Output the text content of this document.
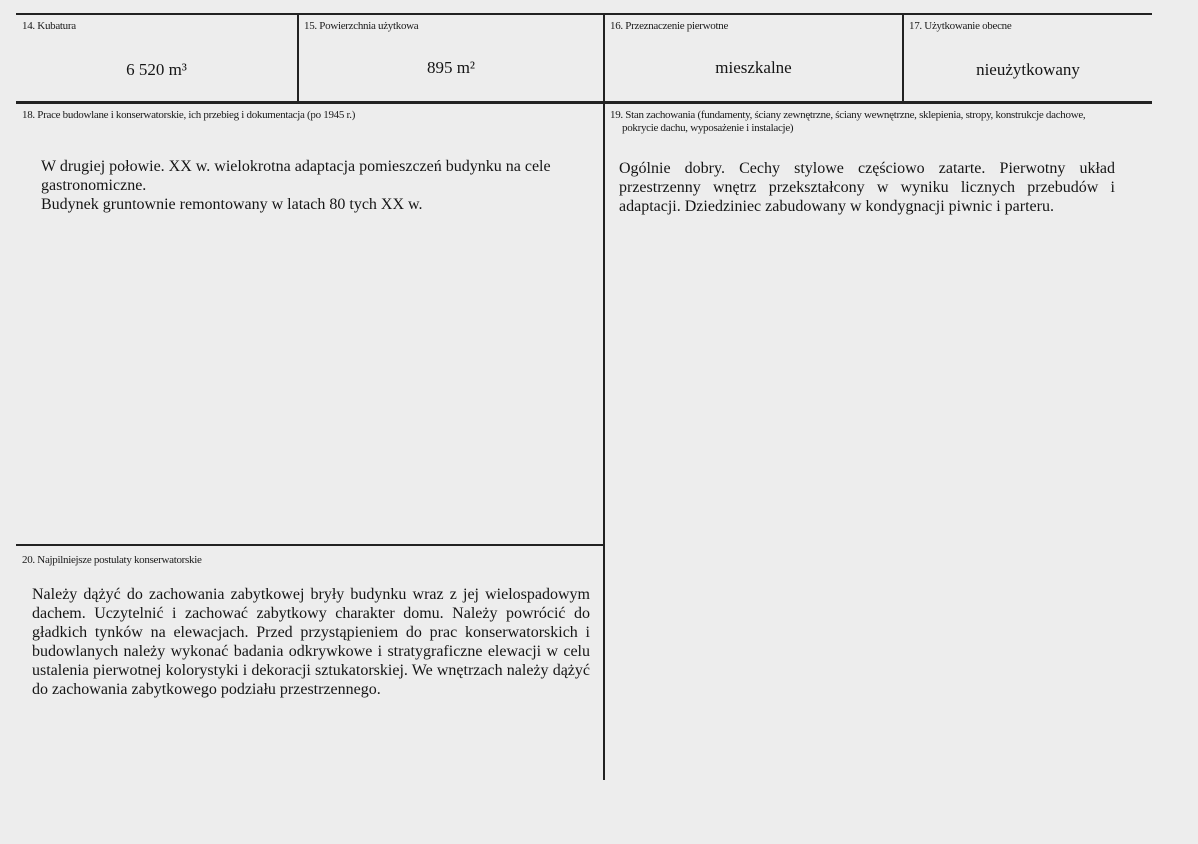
14. Kubatura
6 520 m³
15. Powierzchnia użytkowa
895 m²
16. Przeznaczenie pierwotne
mieszkalne
17. Użytkowanie obecne
nieużytkowany
18. Prace budowlane i konserwatorskie, ich przebieg i dokumentacja (po 1945 r.)

W drugiej połowie. XX w. wielokrotna adaptacja pomieszczeń budynku na cele gastronomiczne.

Budynek gruntownie remontowany w latach 80 tych XX w.

19. Stan zachowania (fundamenty, ściany zewnętrzne, ściany wewnętrzne, sklepienia, stropy, konstrukcje dachowe,
pokrycie dachu, wyposażenie i instalacje)
Ogólnie dobry. Cechy stylowe częściowo zatarte. Pierwotny układ przestrzenny wnętrz przekształcony w wyniku licznych przebudów i adaptacji. Dziedziniec zabudowany w kondygnacji piwnic i parteru.
20. Najpilniejsze postulaty konserwatorskie
Należy dążyć do zachowania zabytkowej bryły budynku wraz z jej wielospadowym dachem. Uczytelnić i zachować zabytkowy charakter domu. Należy powrócić do gładkich tynków na elewacjach. Przed przystąpieniem do prac konserwatorskich i budowlanych należy wykonać badania odkrywkowe i stratygraficzne elewacji w celu ustalenia pierwotnej kolorystyki i dekoracji sztukatorskiej. We wnętrzach należy dążyć do zachowania zabytkowego podziału przestrzennego.
